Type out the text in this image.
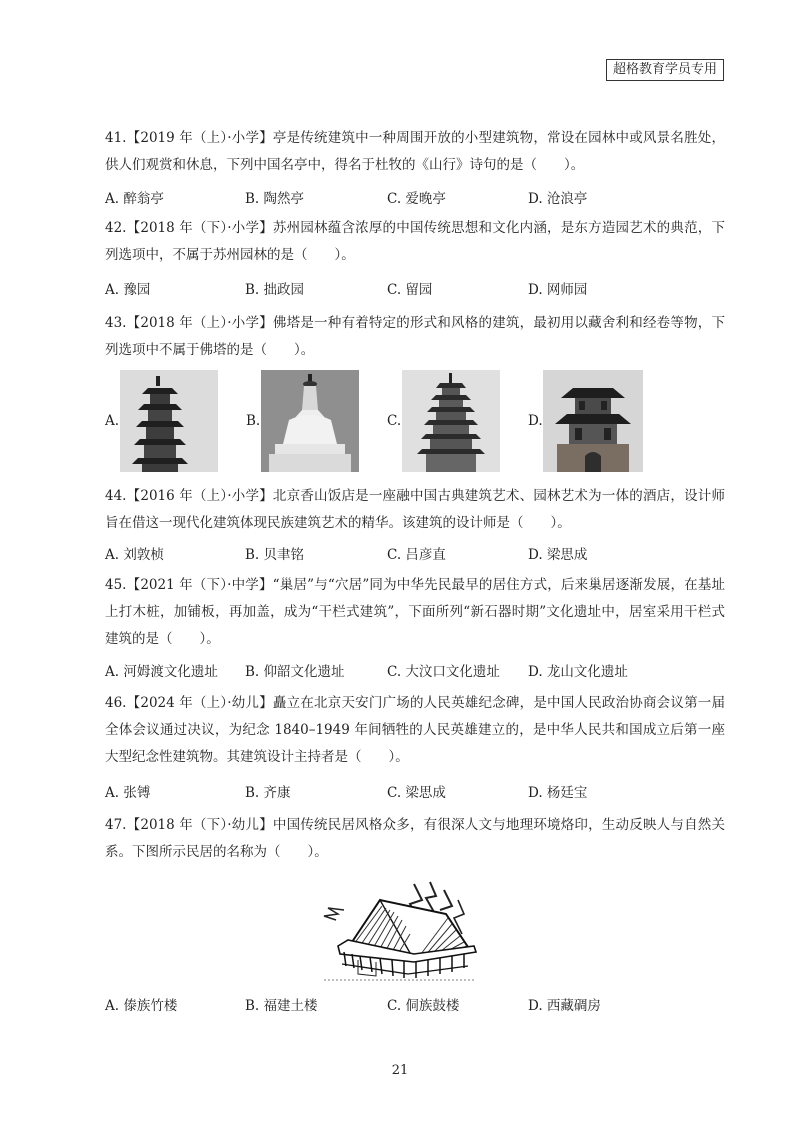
超格教育学员专用
41.【2019 年（上）·小学】亭是传统建筑中一种周围开放的小型建筑物，常设在园林中或风景名胜处，供人们观赏和休息，下列中国名亭中，得名于杜牧的《山行》诗句的是（　　）。
A. 醉翁亭	B. 陶然亭	C. 爱晚亭	D. 沧浪亭
42.【2018 年（下）·小学】苏州园林蕴含浓厚的中国传统思想和文化内涵，是东方造园艺术的典范，下列选项中，不属于苏州园林的是（　　）。
A. 豫园	B. 拙政园	C. 留园	D. 网师园
43.【2018 年（上）·小学】佛塔是一种有着特定的形式和风格的建筑，最初用以藏舍利和经卷等物，下列选项中不属于佛塔的是（　　）。
A.	B.	C.	D.
44.【2016 年（上）·小学】北京香山饭店是一座融中国古典建筑艺术、园林艺术为一体的酒店，设计师旨在借这一现代化建筑体现民族建筑艺术的精华。该建筑的设计师是（　　）。
A. 刘敦桢	B. 贝聿铭	C. 吕彦直	D. 梁思成
45.【2021 年（下）·中学】“巢居”与“穴居”同为中华先民最早的居住方式，后来巢居逐渐发展，在基址上打木桩，加铺板，再加盖，成为“干栏式建筑”，下面所列“新石器时期”文化遗址中，居室采用干栏式建筑的是（　　）。
A. 河姆渡文化遗址 B. 仰韶文化遗址	C. 大汶口文化遗址 D. 龙山文化遗址
46.【2024 年（上）·幼儿】矗立在北京天安门广场的人民英雄纪念碑，是中国人民政治协商会议第一届全体会议通过决议，为纪念 1840–1949 年间牺牲的人民英雄建立的，是中华人民共和国成立后第一座大型纪念性建筑物。其建筑设计主持者是（　　）。
A. 张镈	B. 齐康	C. 梁思成	D. 杨廷宝
47.【2018 年（下）·幼儿】中国传统民居风格众多，有很深人文与地理环境烙印，生动反映人与自然关系。下图所示民居的名称为（　　）。
A. 傣族竹楼	B. 福建土楼	C. 侗族鼓楼	D. 西藏碉房
21
